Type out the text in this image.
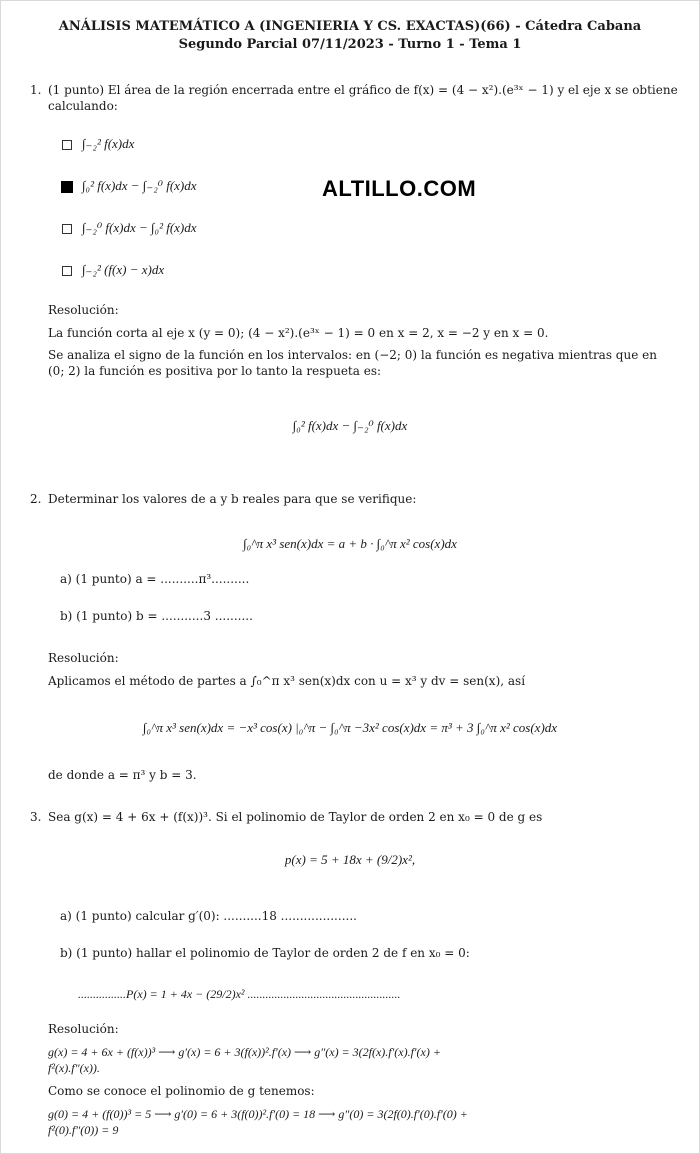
ANÁLISIS MATEMÁTICO A (INGENIERIA Y CS. EXACTAS)(66) - Cátedra Cabana
Segundo Parcial 07/11/2023 - Turno 1 - Tema 1
ALTILLO.COM
1. (1 punto) El área de la región encerrada entre el gráfico de f(x) = (4 − x²).(e³ˣ − 1) y el eje x se obtiene
calculando:
∫₋₂² f(x)dx
∫₀² f(x)dx − ∫₋₂⁰ f(x)dx
∫₋₂⁰ f(x)dx − ∫₀² f(x)dx
∫₋₂² (f(x) − x)dx
Resolución:
La función corta al eje x (y = 0); (4 − x²).(e³ˣ − 1) = 0 en x = 2, x = −2 y en x = 0.
Se analiza el signo de la función en los intervalos: en (−2; 0) la función es negativa mientras que en
(0; 2) la función es positiva por lo tanto la respueta es:
∫₀² f(x)dx − ∫₋₂⁰ f(x)dx
2. Determinar los valores de a y b reales para que se verifique:
∫₀^π x³ sen(x)dx = a + b · ∫₀^π x² cos(x)dx
a) (1 punto) a = ..........π³..........
b) (1 punto) b = ...........3 ..........
Resolución:
Aplicamos el método de partes a ∫₀^π x³ sen(x)dx con u = x³ y dv = sen(x), así
∫₀^π x³ sen(x)dx = −x³ cos(x) |₀^π − ∫₀^π −3x² cos(x)dx = π³ + 3 ∫₀^π x² cos(x)dx
de donde a = π³ y b = 3.
3. Sea g(x) = 4 + 6x + (f(x))³. Si el polinomio de Taylor de orden 2 en x₀ = 0 de g es
p(x) = 5 + 18x + (9/2)x²,
a) (1 punto) calcular g′(0): ..........18 ....................
b) (1 punto) hallar el polinomio de Taylor de orden 2 de f en x₀ = 0:
................P(x) = 1 + 4x − (29/2)x² ...................................................
Resolución:
g(x) = 4 + 6x + (f(x))³ ⟶ g′(x) = 6 + 3(f(x))².f′(x) ⟶ g″(x) = 3(2f(x).f′(x).f′(x) +
f²(x).f″(x)).
Como se conoce el polinomio de g tenemos:
g(0) = 4 + (f(0))³ = 5 ⟶ g′(0) = 6 + 3(f(0))².f′(0) = 18 ⟶ g″(0) = 3(2f(0).f′(0).f′(0) +
f²(0).f″(0)) = 9
